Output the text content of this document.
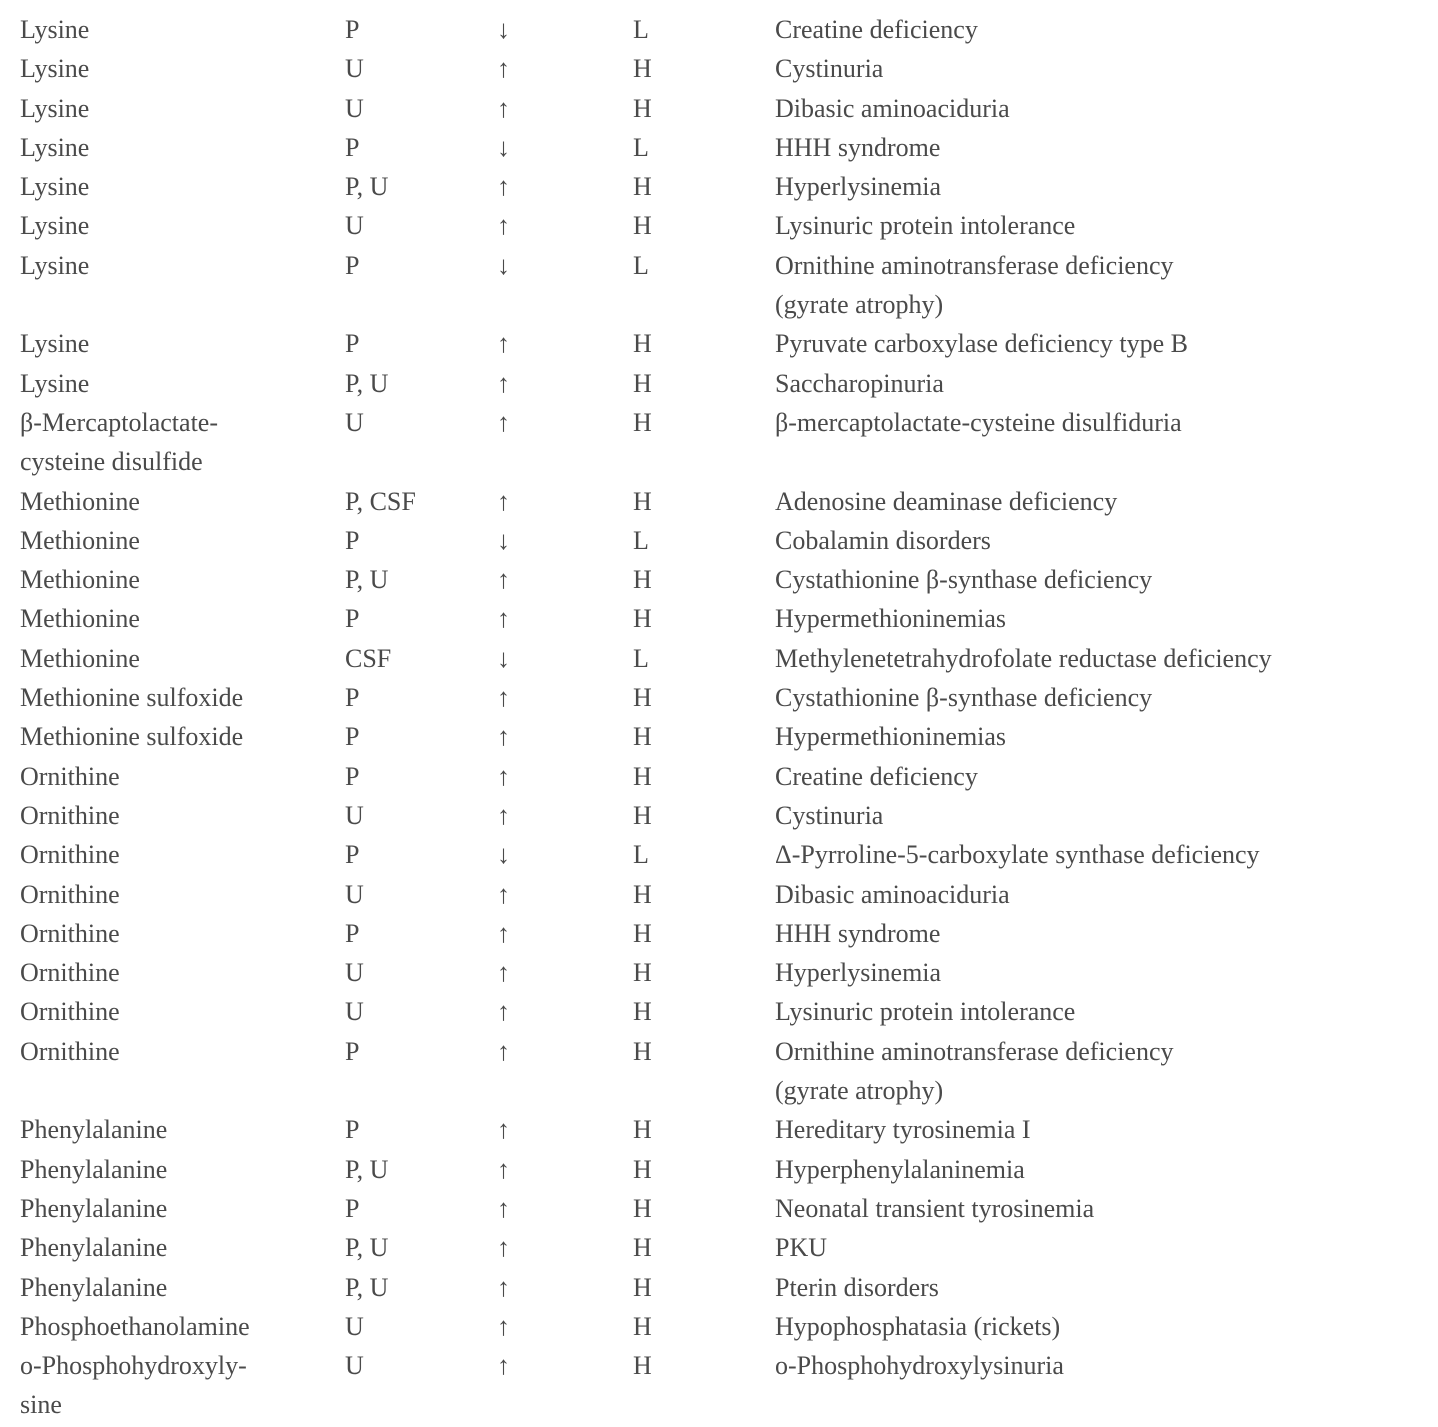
Lysine	P	↓	L	Creatine deficiency
Lysine	U	↑	H	Cystinuria
Lysine	U	↑	H	Dibasic aminoaciduria
Lysine	P	↓	L	HHH syndrome
Lysine	P, U	↑	H	Hyperlysinemia
Lysine	U	↑	H	Lysinuric protein intolerance
Lysine	P	↓	L	Ornithine aminotransferase deficiency
(gyrate atrophy)
Lysine	P	↑	H	Pyruvate carboxylase deficiency type B
Lysine	P, U	↑	H	Saccharopinuria
β-Mercaptolactate-
cysteine disulfide
U	↑	H	β-mercaptolactate-cysteine disulfiduria
Methionine	P, CSF	↑	H	Adenosine deaminase deficiency
Methionine	P	↓	L	Cobalamin disorders
Methionine	P, U	↑	H	Cystathionine β-synthase deficiency
Methionine	P	↑	H	Hypermethioninemias
Methionine	CSF	↓	L	Methylenetetrahydrofolate reductase deficiency
Methionine sulfoxide	P	↑	H	Cystathionine β-synthase deficiency
Methionine sulfoxide	P	↑	H	Hypermethioninemias
Ornithine	P	↑	H	Creatine deficiency
Ornithine	U	↑	H	Cystinuria
Ornithine	P	↓	L	Δ-Pyrroline-5-carboxylate synthase deficiency
Ornithine	U	↑	H	Dibasic aminoaciduria
Ornithine	P	↑	H	HHH syndrome
Ornithine	U	↑	H	Hyperlysinemia
Ornithine	U	↑	H	Lysinuric protein intolerance
Ornithine	P	↑	H	Ornithine aminotransferase deficiency
(gyrate atrophy)
Phenylalanine	P	↑	H	Hereditary tyrosinemia I
Phenylalanine	P, U	↑	H	Hyperphenylalaninemia
Phenylalanine	P	↑	H	Neonatal transient tyrosinemia
Phenylalanine	P, U	↑	H	PKU
Phenylalanine	P, U	↑	H	Pterin disorders
Phosphoethanolamine	U	↑	H	Hypophosphatasia (rickets)
o-Phosphohydroxyly-
sine
U	↑	H	o-Phosphohydroxylysinuria
